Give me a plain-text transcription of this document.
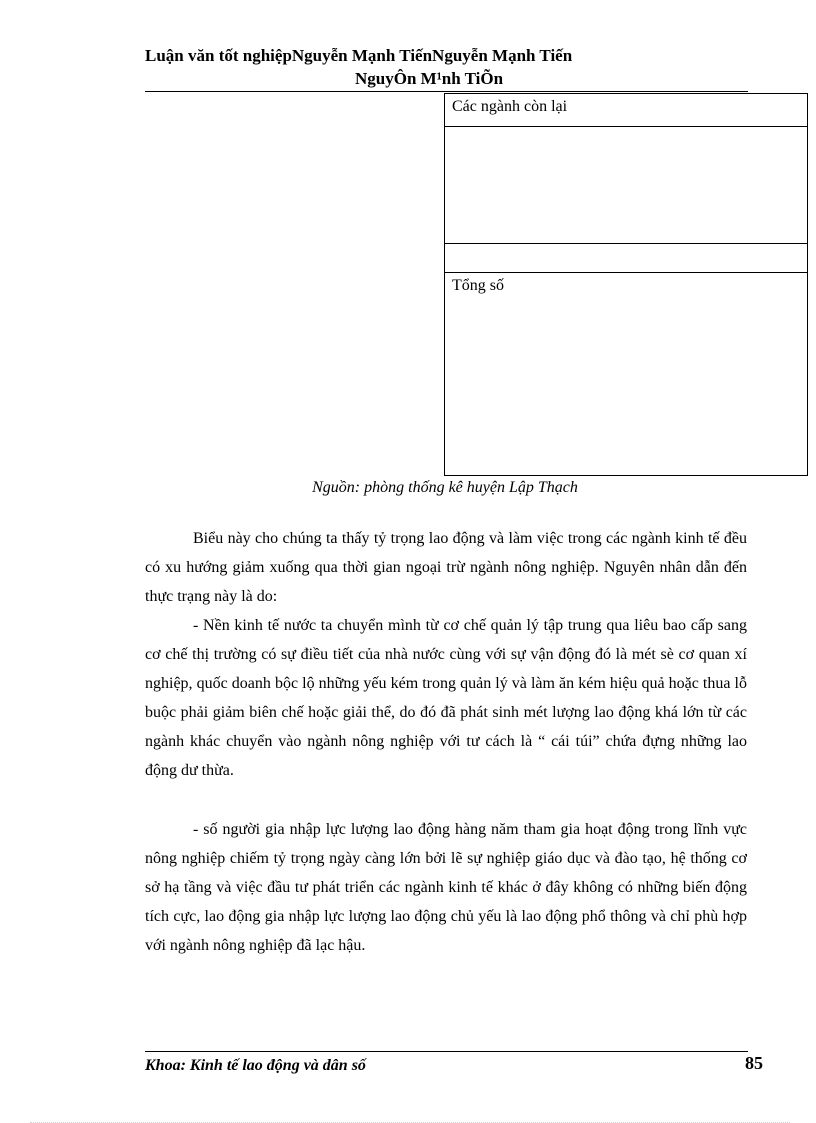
Luận văn tốt nghiệpNguyễn Mạnh TiếnNguyễn Mạnh Tiến
NguyÔn M¹nh TiÕn
Các ngành còn lại

Tổng số
Nguồn: phòng thống kê huyện Lập Thạch

Biểu này cho chúng ta thấy tỷ trọng lao động và làm việc trong các ngành kinh tế đều có xu hướng giảm xuống qua thời gian ngoại trừ ngành nông nghiệp. Nguyên nhân dẫn đến thực trạng này là do:

- Nền kinh tế nước ta chuyển mình từ cơ chế quản lý tập trung qua liêu bao cấp sang cơ chế thị trường có sự điều tiết của nhà nước cùng với sự vận động đó là mét sè cơ quan xí nghiệp, quốc doanh bộc lộ những yếu kém trong quản lý và làm ăn kém hiệu quả hoặc thua lỗ buộc phải giảm biên chế hoặc giải thể, do đó đã phát sinh mét lượng lao động khá lớn từ các ngành khác chuyển vào ngành nông nghiệp với tư cách là “ cái túi” chứa đựng những lao động dư thừa.

- số người gia nhập lực lượng lao động hàng năm tham gia hoạt động trong lĩnh vực nông nghiệp chiếm tỷ trọng ngày càng lớn bởi lẽ sự nghiệp giáo dục và đào tạo, hệ thống cơ sở hạ tầng và việc đầu tư phát triển các ngành kinh tế khác ở đây không có những biến động tích cực, lao động gia nhập lực lượng lao động chủ yếu là lao động phổ thông và chỉ phù hợp với ngành nông nghiệp đã lạc hậu.

Khoa: Kinh tế lao động và dân số	85
